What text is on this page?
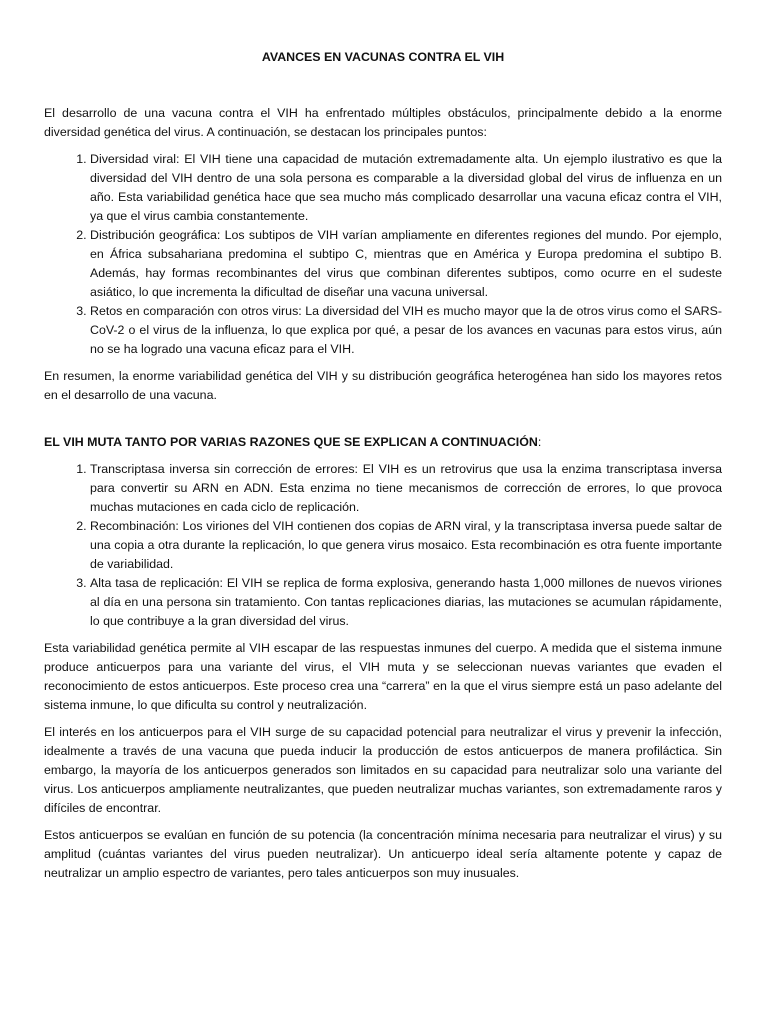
AVANCES EN VACUNAS CONTRA EL VIH

El desarrollo de una vacuna contra el VIH ha enfrentado múltiples obstáculos, principalmente debido a la enorme diversidad genética del virus. A continuación, se destacan los principales puntos:

1. Diversidad viral: El VIH tiene una capacidad de mutación extremadamente alta. Un ejemplo ilustrativo es que la diversidad del VIH dentro de una sola persona es comparable a la diversidad global del virus de influenza en un año. Esta variabilidad genética hace que sea mucho más complicado desarrollar una vacuna eficaz contra el VIH, ya que el virus cambia constantemente.
2. Distribución geográfica: Los subtipos de VIH varían ampliamente en diferentes regiones del mundo. Por ejemplo, en África subsahariana predomina el subtipo C, mientras que en América y Europa predomina el subtipo B. Además, hay formas recombinantes del virus que combinan diferentes subtipos, como ocurre en el sudeste asiático, lo que incrementa la dificultad de diseñar una vacuna universal.
3. Retos en comparación con otros virus: La diversidad del VIH es mucho mayor que la de otros virus como el SARS-CoV-2 o el virus de la influenza, lo que explica por qué, a pesar de los avances en vacunas para estos virus, aún no se ha logrado una vacuna eficaz para el VIH.

En resumen, la enorme variabilidad genética del VIH y su distribución geográfica heterogénea han sido los mayores retos en el desarrollo de una vacuna.

EL VIH MUTA TANTO POR VARIAS RAZONES QUE SE EXPLICAN A CONTINUACIÓN:
1. Transcriptasa inversa sin corrección de errores: El VIH es un retrovirus que usa la enzima transcriptasa inversa para convertir su ARN en ADN. Esta enzima no tiene mecanismos de corrección de errores, lo que provoca muchas mutaciones en cada ciclo de replicación.
2. Recombinación: Los viriones del VIH contienen dos copias de ARN viral, y la transcriptasa inversa puede saltar de una copia a otra durante la replicación, lo que genera virus mosaico. Esta recombinación es otra fuente importante de variabilidad.
3. Alta tasa de replicación: El VIH se replica de forma explosiva, generando hasta 1,000 millones de nuevos viriones al día en una persona sin tratamiento. Con tantas replicaciones diarias, las mutaciones se acumulan rápidamente, lo que contribuye a la gran diversidad del virus.

Esta variabilidad genética permite al VIH escapar de las respuestas inmunes del cuerpo. A medida que el sistema inmune produce anticuerpos para una variante del virus, el VIH muta y se seleccionan nuevas variantes que evaden el reconocimiento de estos anticuerpos. Este proceso crea una “carrera” en la que el virus siempre está un paso adelante del sistema inmune, lo que dificulta su control y neutralización.

El interés en los anticuerpos para el VIH surge de su capacidad potencial para neutralizar el virus y prevenir la infección, idealmente a través de una vacuna que pueda inducir la producción de estos anticuerpos de manera profiláctica. Sin embargo, la mayoría de los anticuerpos generados son limitados en su capacidad para neutralizar solo una variante del virus. Los anticuerpos ampliamente neutralizantes, que pueden neutralizar muchas variantes, son extremadamente raros y difíciles de encontrar.

Estos anticuerpos se evalúan en función de su potencia (la concentración mínima necesaria para neutralizar el virus) y su amplitud (cuántas variantes del virus pueden neutralizar). Un anticuerpo ideal sería altamente potente y capaz de neutralizar un amplio espectro de variantes, pero tales anticuerpos son muy inusuales.
